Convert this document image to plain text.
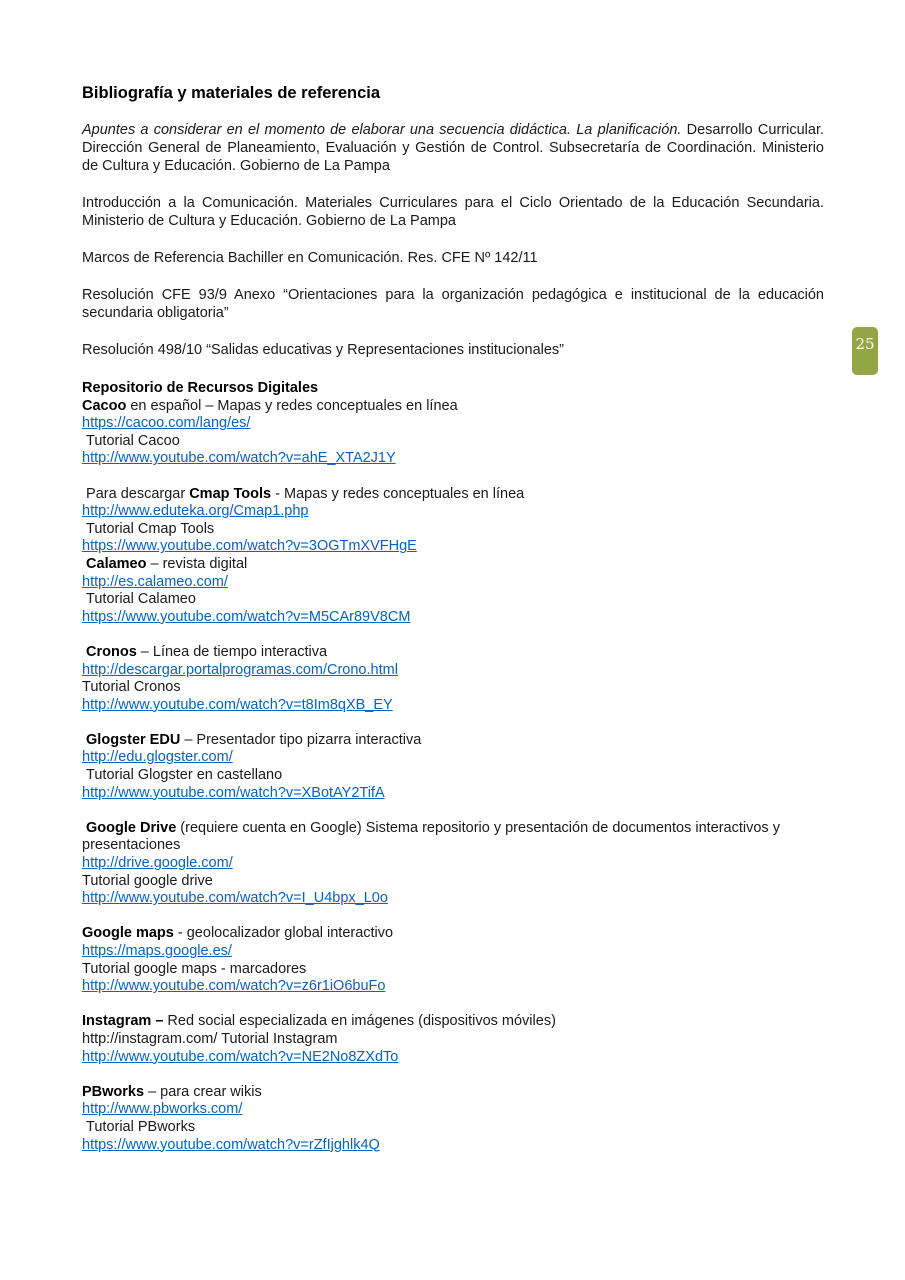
25
Bibliografía y materiales de referencia

Apuntes a considerar en el momento de elaborar una secuencia didáctica. La planificación. Desarrollo Curricular. Dirección General de Planeamiento, Evaluación y Gestión de Control. Subsecretaría de Coordinación. Ministerio de Cultura y Educación. Gobierno de La Pampa

Introducción a la Comunicación. Materiales Curriculares para el Ciclo Orientado de la Educación Secundaria. Ministerio de Cultura y Educación. Gobierno de La Pampa

Marcos de Referencia Bachiller en Comunicación. Res. CFE Nº 142/11

Resolución CFE 93/9 Anexo “Orientaciones para la organización pedagógica e institucional de la educación secundaria obligatoria”

Resolución 498/10 “Salidas educativas y Representaciones institucionales”

Repositorio de Recursos Digitales
Cacoo en español – Mapas y redes conceptuales en línea
https://cacoo.com/lang/es/
Tutorial Cacoo
http://www.youtube.com/watch?v=ahE_XTA2J1Y
Para descargar Cmap Tools - Mapas y redes conceptuales en línea
http://www.eduteka.org/Cmap1.php
Tutorial Cmap Tools
https://www.youtube.com/watch?v=3OGTmXVFHgE
Calameo – revista digital
http://es.calameo.com/
Tutorial Calameo
https://www.youtube.com/watch?v=M5CAr89V8CM
Cronos – Línea de tiempo interactiva
http://descargar.portalprogramas.com/Crono.html
Tutorial Cronos
http://www.youtube.com/watch?v=t8Im8qXB_EY
Glogster EDU – Presentador tipo pizarra interactiva
http://edu.glogster.com/
Tutorial Glogster en castellano
http://www.youtube.com/watch?v=XBotAY2TifA
Google Drive (requiere cuenta en Google) Sistema repositorio y presentación de documentos interactivos y presentaciones
http://drive.google.com/
Tutorial google drive
http://www.youtube.com/watch?v=I_U4bpx_L0o
Google maps - geolocalizador global interactivo
https://maps.google.es/
Tutorial google maps - marcadores
http://www.youtube.com/watch?v=z6r1iO6buFo
Instagram – Red social especializada en imágenes (dispositivos móviles)
http://instagram.com/ Tutorial Instagram
http://www.youtube.com/watch?v=NE2No8ZXdTo
PBworks – para crear wikis
http://www.pbworks.com/
Tutorial PBworks
https://www.youtube.com/watch?v=rZfIjghlk4Q
